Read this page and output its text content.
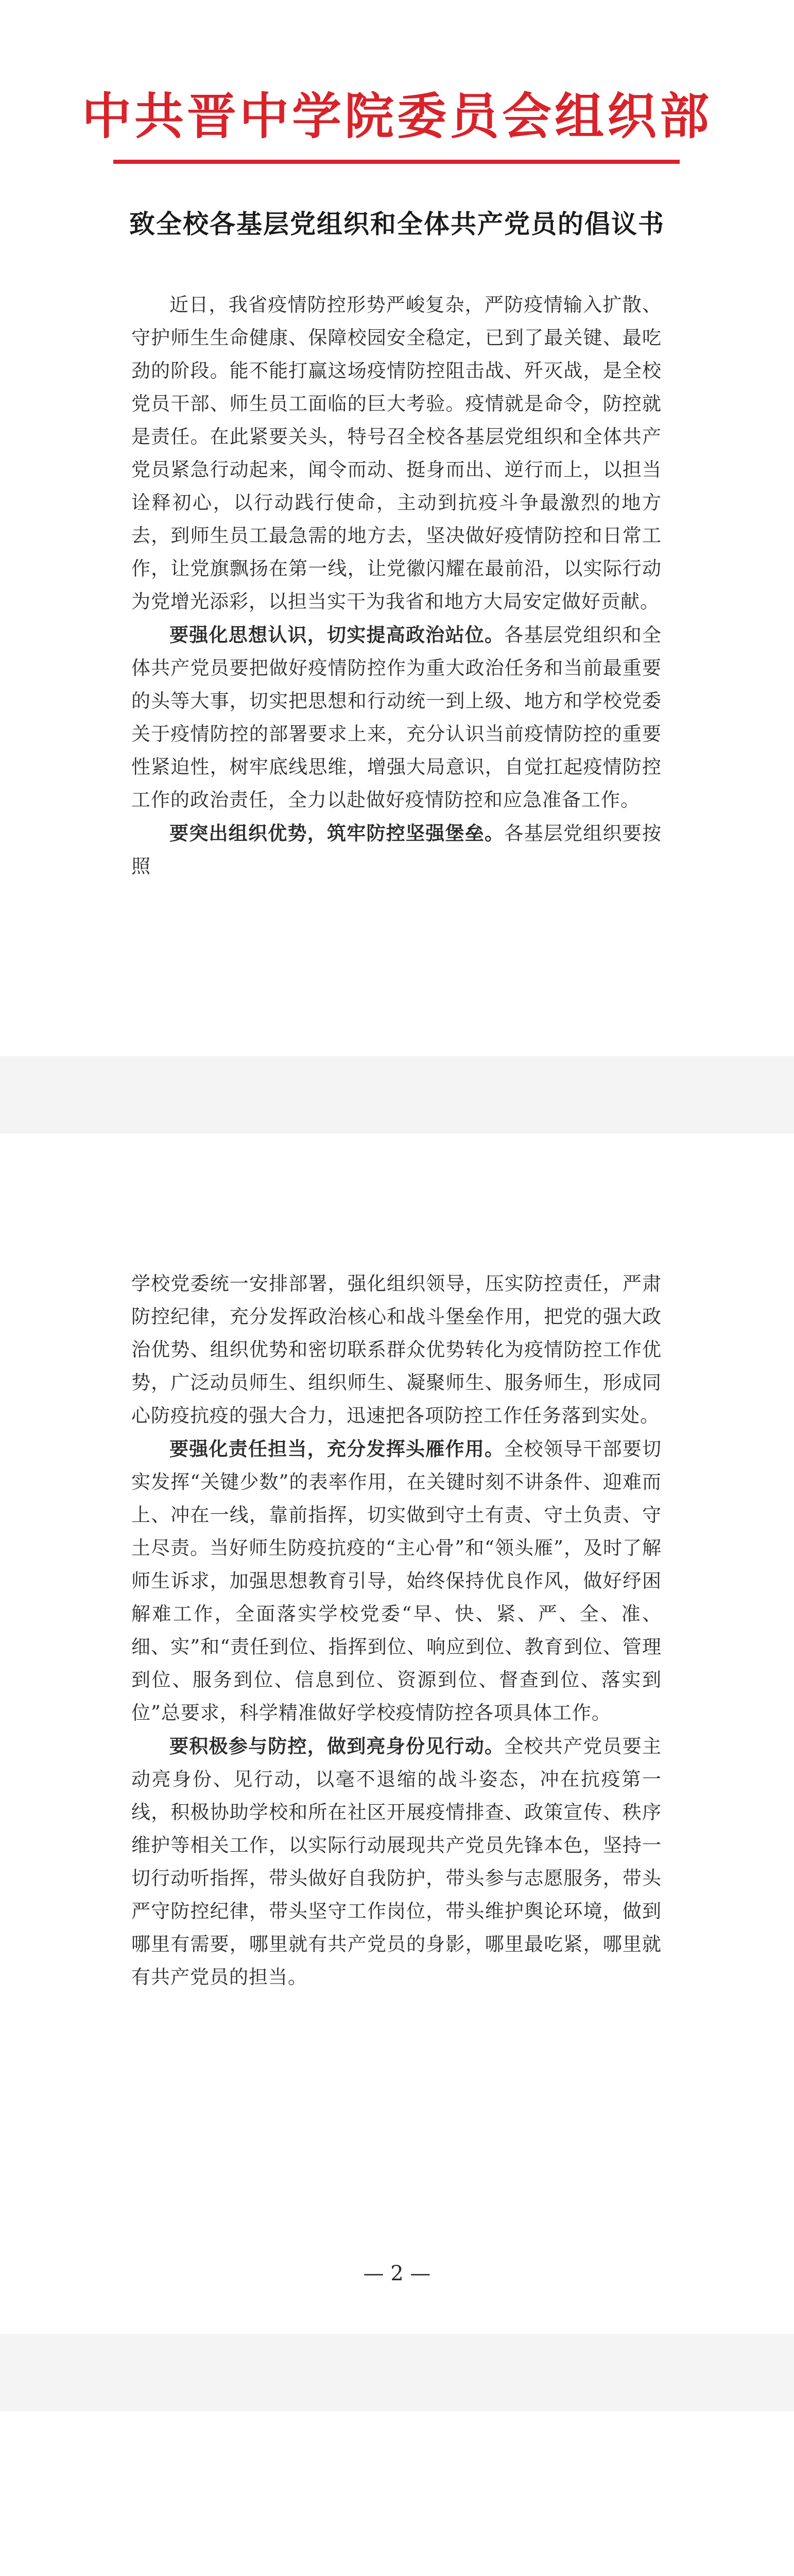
中共晋中学院委员会组织部
致全校各基层党组织和全体共产党员的倡议书

近日，我省疫情防控形势严峻复杂，严防疫情输入扩散、守护师生生命健康、保障校园安全稳定，已到了最关键、最吃劲的阶段。能不能打赢这场疫情防控阻击战、歼灭战，是全校党员干部、师生员工面临的巨大考验。疫情就是命令，防控就是责任。在此紧要关头，特号召全校各基层党组织和全体共产党员紧急行动起来，闻令而动、挺身而出、逆行而上，以担当诠释初心，以行动践行使命，主动到抗疫斗争最激烈的地方去，到师生员工最急需的地方去，坚决做好疫情防控和日常工作，让党旗飘扬在第一线，让党徽闪耀在最前沿，以实际行动为党增光添彩，以担当实干为我省和地方大局安定做好贡献。

要强化思想认识，切实提高政治站位。各基层党组织和全体共产党员要把做好疫情防控作为重大政治任务和当前最重要的头等大事，切实把思想和行动统一到上级、地方和学校党委关于疫情防控的部署要求上来，充分认识当前疫情防控的重要性紧迫性，树牢底线思维，增强大局意识，自觉扛起疫情防控工作的政治责任，全力以赴做好疫情防控和应急准备工作。

要突出组织优势，筑牢防控坚强堡垒。各基层党组织要按照

学校党委统一安排部署，强化组织领导，压实防控责任，严肃防控纪律，充分发挥政治核心和战斗堡垒作用，把党的强大政治优势、组织优势和密切联系群众优势转化为疫情防控工作优势，广泛动员师生、组织师生、凝聚师生、服务师生，形成同心防疫抗疫的强大合力，迅速把各项防控工作任务落到实处。

要强化责任担当，充分发挥头雁作用。全校领导干部要切实发挥“关键少数”的表率作用，在关键时刻不讲条件、迎难而上、冲在一线，靠前指挥，切实做到守土有责、守土负责、守土尽责。当好师生防疫抗疫的“主心骨”和“领头雁”，及时了解师生诉求，加强思想教育引导，始终保持优良作风，做好纾困解难工作，全面落实学校党委“早、快、紧、严、全、准、细、实”和“责任到位、指挥到位、响应到位、教育到位、管理到位、服务到位、信息到位、资源到位、督查到位、落实到位”总要求，科学精准做好学校疫情防控各项具体工作。

要积极参与防控，做到亮身份见行动。全校共产党员要主动亮身份、见行动，以毫不退缩的战斗姿态，冲在抗疫第一线，积极协助学校和所在社区开展疫情排查、政策宣传、秩序维护等相关工作，以实际行动展现共产党员先锋本色，坚持一切行动听指挥，带头做好自我防护，带头参与志愿服务，带头严守防控纪律，带头坚守工作岗位，带头维护舆论环境，做到哪里有需要，哪里就有共产党员的身影，哪里最吃紧，哪里就有共产党员的担当。

— 2 —
